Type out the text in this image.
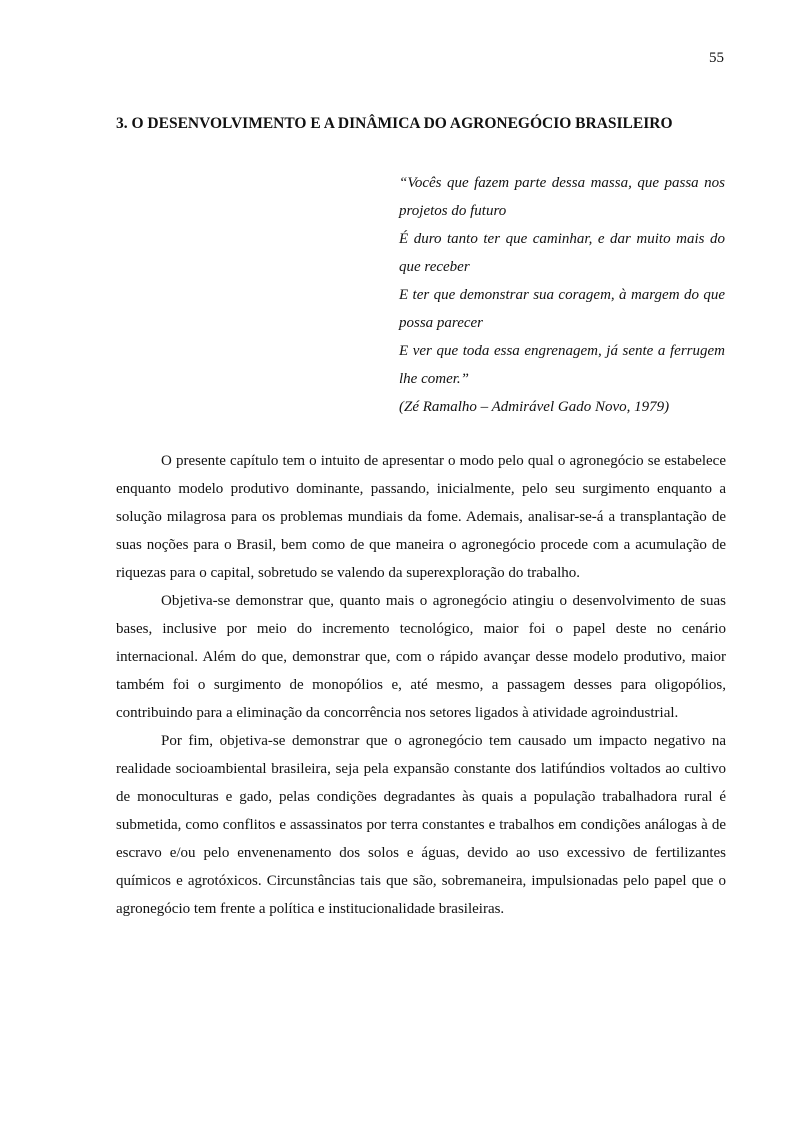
55
3. O DESENVOLVIMENTO E A DINÂMICA DO AGRONEGÓCIO BRASILEIRO

“Vocês que fazem parte dessa massa, que passa nos projetos do futuro

É duro tanto ter que caminhar, e dar muito mais do que receber

E ter que demonstrar sua coragem, à margem do que possa parecer

E ver que toda essa engrenagem, já sente a ferrugem lhe comer.”

(Zé Ramalho – Admirável Gado Novo, 1979)

O presente capítulo tem o intuito de apresentar o modo pelo qual o agronegócio se estabelece enquanto modelo produtivo dominante, passando, inicialmente, pelo seu surgimento enquanto a solução milagrosa para os problemas mundiais da fome. Ademais, analisar-se-á a transplantação de suas noções para o Brasil, bem como de que maneira o agronegócio procede com a acumulação de riquezas para o capital, sobretudo se valendo da superexploração do trabalho.

Objetiva-se demonstrar que, quanto mais o agronegócio atingiu o desenvolvimento de suas bases, inclusive por meio do incremento tecnológico, maior foi o papel deste no cenário internacional. Além do que, demonstrar que, com o rápido avançar desse modelo produtivo, maior também foi o surgimento de monopólios e, até mesmo, a passagem desses para oligopólios, contribuindo para a eliminação da concorrência nos setores ligados à atividade agroindustrial.

Por fim, objetiva-se demonstrar que o agronegócio tem causado um impacto negativo na realidade socioambiental brasileira, seja pela expansão constante dos latifúndios voltados ao cultivo de monoculturas e gado, pelas condições degradantes às quais a população trabalhadora rural é submetida, como conflitos e assassinatos por terra constantes e trabalhos em condições análogas à de escravo e/ou pelo envenenamento dos solos e águas, devido ao uso excessivo de fertilizantes químicos e agrotóxicos. Circunstâncias tais que são, sobremaneira, impulsionadas pelo papel que o agronegócio tem frente a política e institucionalidade brasileiras.
